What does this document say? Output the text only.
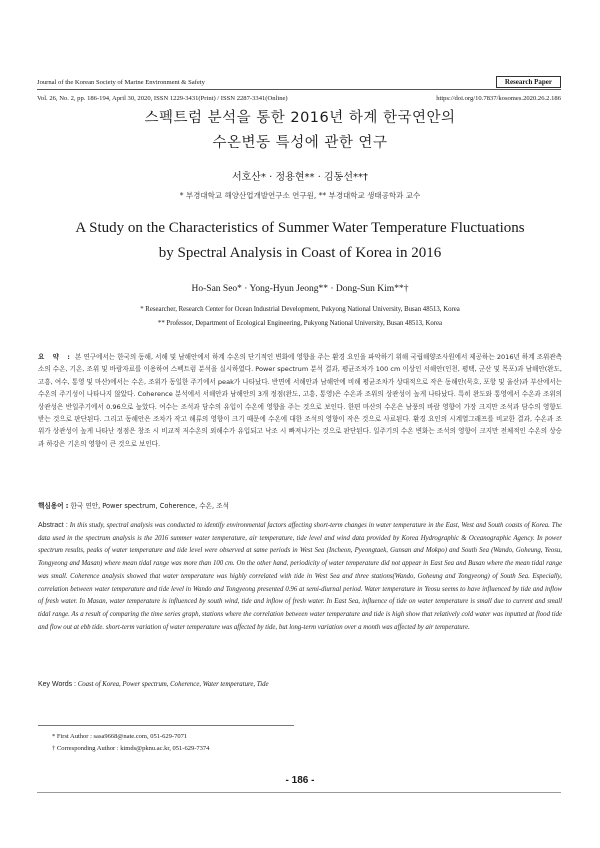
Journal of the Korean Society of Marine Environment & Safety	Research Paper
Vol. 26, No. 2, pp. 186-194, April 30, 2020, ISSN 1229-3431(Print) / ISSN 2287-3341(Online)	https://doi.org/10.7837/kosomes.2020.26.2.186
스펙트럼 분석을 통한 2016년 하계 한국연안의
수온변동 특성에 관한 연구
서호산* · 정용현** · 김동선**†
* 부경대학교 해양산업개발연구소 연구원, ** 부경대학교 생태공학과 교수
A Study on the Characteristics of Summer Water Temperature Fluctuations
by Spectral Analysis in Coast of Korea in 2016
Ho-San Seo* · Yong-Hyun Jeong** · Dong-Sun Kim**†
* Researcher, Research Center for Ocean Industrial Development, Pukyong National University, Busan 48513, Korea
** Professor, Department of Ecological Engineering, Pukyong National University, Busan 48513, Korea
요 약 : 본 연구에서는 한국의 동해, 서해 및 남해안에서 하계 수온의 단기적인 변화에 영향을 주는 환경 요인을 파악하기 위해 국립해양조사원에서 제공하는 2016년 하계 조위관측소의 수온, 기온, 조위 및 바람자료를 이용하여 스펙트럼 분석을 실시하였다. Power spectrum 분석 결과, 평균조차가 100 cm 이상인 서해안(인천, 평택, 군산 및 목포)과 남해안(완도, 고흥, 여수, 통영 및 마산)에서는 수온, 조위가 동일한 주기에서 peak가 나타났다. 반면에 서해안과 남해안에 비해 평균조차가 상대적으로 작은 동해안(묵호, 포항 및 울산)과 부산에서는 수온의 주기성이 나타나지 않았다. Coherence 분석에서 서해안과 남해안의 3개 정점(완도, 고흥, 통영)은 수온과 조위의 상관성이 높게 나타났다. 특히 완도와 통영에서 수온과 조위의 상관성은 반일주기에서 0.96으로 높았다. 여수는 조석과 담수의 유입이 수온에 영향을 주는 것으로 보인다. 한편 마산의 수온은 남풍의 바람 영향이 가장 크지만 조석과 담수의 영향도 받는 것으로 판단된다. 그리고 동해안은 조차가 작고 해류의 영향이 크기 때문에 수온에 대한 조석의 영향이 작은 것으로 사료된다. 환경 요인의 시계열그래프를 비교한 결과, 수온과 조위가 상관성이 높게 나타난 정점은 창조 시 비교적 저수온의 외해수가 유입되고 낙조 시 빠져나가는 것으로 판단된다. 일주기의 수온 변화는 조석의 영향이 크지만 전체적인 수온의 상승과 하강은 기온의 영향이 큰 것으로 보인다.
핵심용어 : 한국 연안, Power spectrum, Coherence, 수온, 조석
Abstract : In this study, spectral analysis was conducted to identify environmental factors affecting short-term changes in water temperature in the East, West and South coasts of Korea. The data used in the spectrum analysis is the 2016 summer water temperature, air temperature, tide level and wind data provided by Korea Hydrographic & Oceanographic Agency. In power spectrum results, peaks of water temperature and tide level were observed at same periods in West Sea (Incheon, Pyeongtaek, Gunsan and Mokpo) and South Sea (Wando, Goheung, Yeosu, Tongyeong and Masan) where mean tidal range was more than 100 cm. On the other hand, periodicity of water temperature did not appear in East Sea and Busan where the mean tidal range was small. Coherence analysis showed that water temperature was highly correlated with tide in West Sea and three stations(Wando, Goheung and Tongyeong) of South Sea. Especially, correlation between water temperature and tide level in Wando and Tongyeong presented 0.96 at semi-diurnal period. Water temperature in Yeosu seems to have influenced by tide and inflow of fresh water. In Masan, water temperature is influenced by south wind, tide and inflow of fresh water. In East Sea, influence of tide on water temperature is small due to current and small tidal range. As a result of comparing the time series graph, stations where the correlation between water temperature and tide is high show that relatively cold water was inputted at flood tide and flow out at ebb tide. short-term variation of water temperature was affected by tide, but long-term variation over a month was affected by air temperature.
Key Words : Coast of Korea, Power spectrum, Coherence, Water temperature, Tide
* First Author : sasa9668@nate.com, 051-629-7071
† Corresponding Author : kimds@pknu.ac.kr, 051-629-7374
- 186 -
